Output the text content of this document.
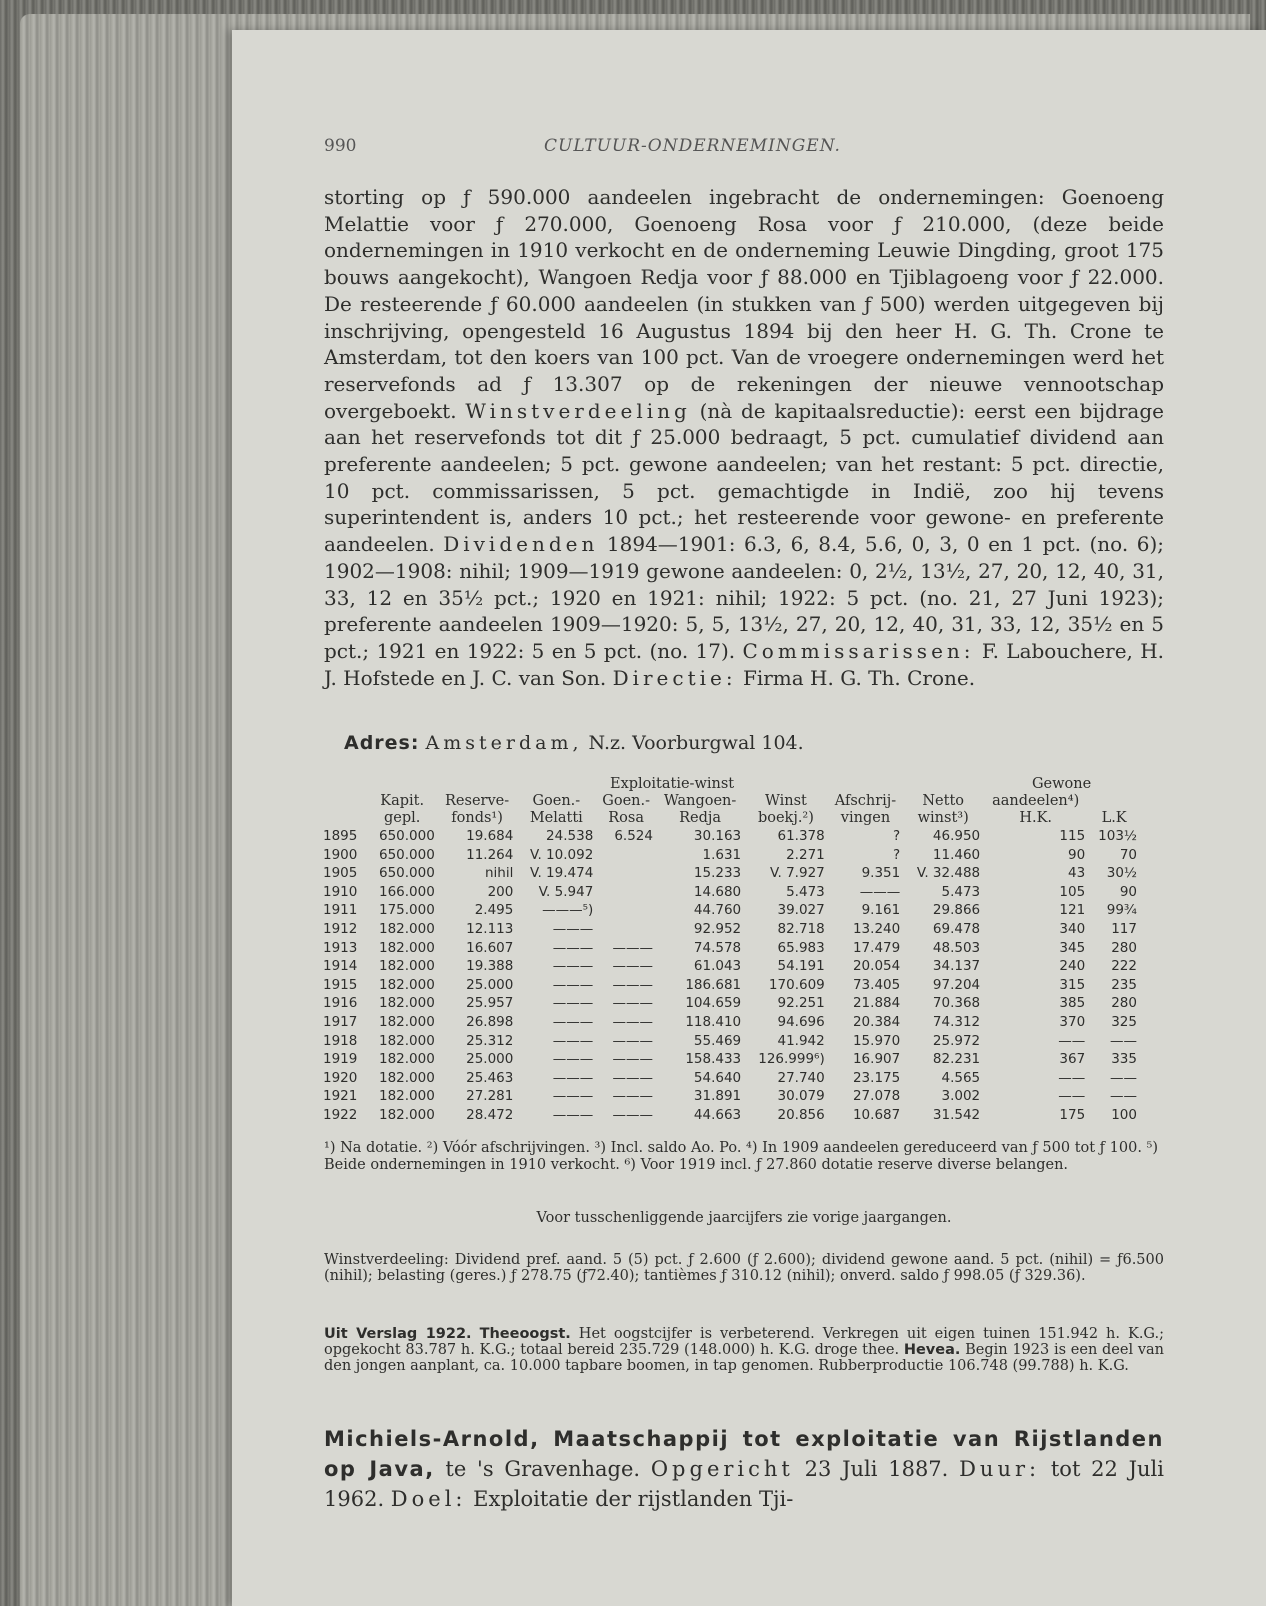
990	CULTUUR-ONDERNEMINGEN.

storting op ƒ 590.000 aandeelen ingebracht de ondernemingen: Goenoeng Melattie voor ƒ 270.000, Goenoeng Rosa voor ƒ 210.000, (deze beide ondernemingen in 1910 verkocht en de onderneming Leuwie Dingding, groot 175 bouws aangekocht), Wangoen Redja voor ƒ 88.000 en Tjiblagoeng voor ƒ 22.000. De resteerende ƒ 60.000 aandeelen (in stukken van ƒ 500) werden uitgegeven bij inschrijving, opengesteld 16 Augustus 1894 bij den heer H. G. Th. Crone te Amsterdam, tot den koers van 100 pct. Van de vroegere ondernemingen werd het reservefonds ad ƒ 13.307 op de rekeningen der nieuwe vennootschap overgeboekt. Winstverdeeling (nà de kapitaalsreductie): eerst een bijdrage aan het reservefonds tot dit ƒ 25.000 bedraagt, 5 pct. cumulatief dividend aan preferente aandeelen; 5 pct. gewone aandeelen; van het restant: 5 pct. directie, 10 pct. commissarissen, 5 pct. gemachtigde in Indië, zoo hij tevens superintendent is, anders 10 pct.; het resteerende voor gewone- en preferente aandeelen. Dividenden 1894—1901: 6.3, 6, 8.4, 5.6, 0, 3, 0 en 1 pct. (no. 6); 1902—1908: nihil; 1909—1919 gewone aandeelen: 0, 2½, 13½, 27, 20, 12, 40, 31, 33, 12 en 35½ pct.; 1920 en 1921: nihil; 1922: 5 pct. (no. 21, 27 Juni 1923); preferente aandeelen 1909—1920: 5, 5, 13½, 27, 20, 12, 40, 31, 33, 12, 35½ en 5 pct.; 1921 en 1922: 5 en 5 pct. (no. 17). Commissarissen: F. Labouchere, H. J. Hofstede en J. C. van Son. Directie: Firma H. G. Th. Crone.

Adres: Amsterdam, N.z. Voorburgwal 104.
			Exploitatie-winst						Gewone	
	Kapit.	Reserve-	Goen.-	Goen.-	Wangoen-	Winst	Afschrij-	Netto	aandeelen⁴)	
	gepl.	fonds¹)	Melatti	Rosa	Redja	boekj.²)	vingen	winst³)	H.K.	L.K
1895	650.000	19.684	24.538	6.524	30.163	61.378	?	46.950	115	103½
1900	650.000	11.264	V. 10.092		1.631	2.271	?	11.460	90	70
1905	650.000	nihil	V. 19.474		15.233	V. 7.927	9.351	V. 32.488	43	30½
1910	166.000	200	V. 5.947		14.680	5.473	———	5.473	105	90
1911	175.000	2.495	———⁵)		44.760	39.027	9.161	29.866	121	99¾
1912	182.000	12.113	———		92.952	82.718	13.240	69.478	340	117
1913	182.000	16.607	———	———	74.578	65.983	17.479	48.503	345	280
1914	182.000	19.388	———	———	61.043	54.191	20.054	34.137	240	222
1915	182.000	25.000	———	———	186.681	170.609	73.405	97.204	315	235
1916	182.000	25.957	———	———	104.659	92.251	21.884	70.368	385	280
1917	182.000	26.898	———	———	118.410	94.696	20.384	74.312	370	325
1918	182.000	25.312	———	———	55.469	41.942	15.970	25.972	——	——
1919	182.000	25.000	———	———	158.433	126.999⁶)	16.907	82.231	367	335
1920	182.000	25.463	———	———	54.640	27.740	23.175	4.565	——	——
1921	182.000	27.281	———	———	31.891	30.079	27.078	3.002	——	——
1922	182.000	28.472	———	———	44.663	20.856	10.687	31.542	175	100
¹) Na dotatie. ²) Vóór afschrijvingen. ³) Incl. saldo Ao. Po. ⁴) In 1909 aandeelen gereduceerd van ƒ 500 tot ƒ 100. ⁵) Beide ondernemingen in 1910 verkocht. ⁶) Voor 1919 incl. ƒ 27.860 dotatie reserve diverse belangen.
Voor tusschenliggende jaarcijfers zie vorige jaargangen.
Winstverdeeling: Dividend pref. aand. 5 (5) pct. ƒ 2.600 (ƒ 2.600); dividend gewone aand. 5 pct. (nihil) = ƒ6.500 (nihil); belasting (geres.) ƒ 278.75 (ƒ72.40); tantièmes ƒ 310.12 (nihil); onverd. saldo ƒ 998.05 (ƒ 329.36).
Uit Verslag 1922. Theeoogst. Het oogstcijfer is verbeterend. Verkregen uit eigen tuinen 151.942 h. K.G.; opgekocht 83.787 h. K.G.; totaal bereid 235.729 (148.000) h. K.G. droge thee. Hevea. Begin 1923 is een deel van den jongen aanplant, ca. 10.000 tapbare boomen, in tap genomen. Rubberproductie 106.748 (99.788) h. K.G.
Michiels-Arnold, Maatschappij tot exploitatie van Rijstlanden op Java, te 's Gravenhage. Opgericht 23 Juli 1887. Duur: tot 22 Juli 1962. Doel: Exploitatie der rijstlanden Tji-
